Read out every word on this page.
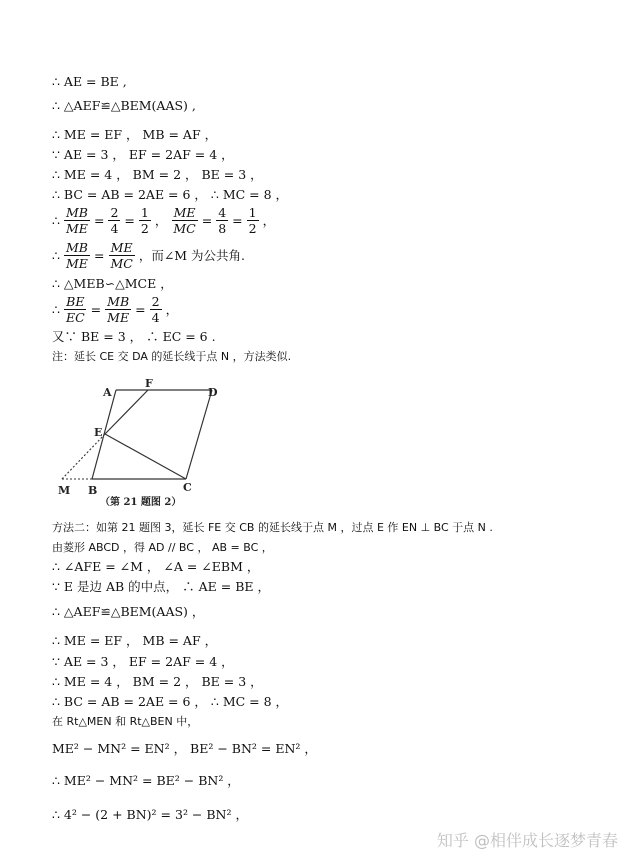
∴ AE = BE ,
∴ △AEF≌△BEM(AAS) ,
∴ ME = EF ， MB = AF ，
∵ AE = 3 ， EF = 2AF = 4 ，
∴ ME = 4 ， BM = 2 ， BE = 3 ，
∴ BC = AB = 2AE = 6 ， ∴ MC = 8 ，
∴ $\frac{MB}{ME} = \frac{2}{4} = \frac{1}{2}$ ， $\frac{ME}{MC} = \frac{4}{8} = \frac{1}{2}$ ，
∴ $\frac{MB}{ME} = \frac{ME}{MC}$ ，而∠M 为公共角.
∴ △MEB∽△MCE ，
∴ $\frac{BE}{EC} = \frac{MB}{ME} = \frac{2}{4}$ ，
又∵ BE = 3 ， ∴ EC = 6 .
注：延长 CE 交 DA 的延长线于点 N ，方法类似.
A
F
D
E
M B	C
（第 21 题图 2）
方法二：如第 21 题图 3，延长 FE 交 CB 的延长线于点 M ，过点 E 作 EN ⊥ BC 于点 N .
由菱形 ABCD ，得 AD // BC ， AB = BC ，
∴ ∠AFE = ∠M ， ∠A = ∠EBM ，
∵ E 是边 AB 的中点， ∴ AE = BE ，
∴ △AEF≌△BEM(AAS) ，
∴ ME = EF ， MB = AF ，
∵ AE = 3 ， EF = 2AF = 4 ，
∴ ME = 4 ， BM = 2 ， BE = 3 ，
∴ BC = AB = 2AE = 6 ， ∴ MC = 8 ，
在 Rt△MEN 和 Rt△BEN 中，
ME² − MN² = EN² ， BE² − BN² = EN² ，
∴ ME² − MN² = BE² − BN² ，
∴ 4² − (2 + BN)² = 3² − BN² ，
知乎 @相伴成长逐梦青春
